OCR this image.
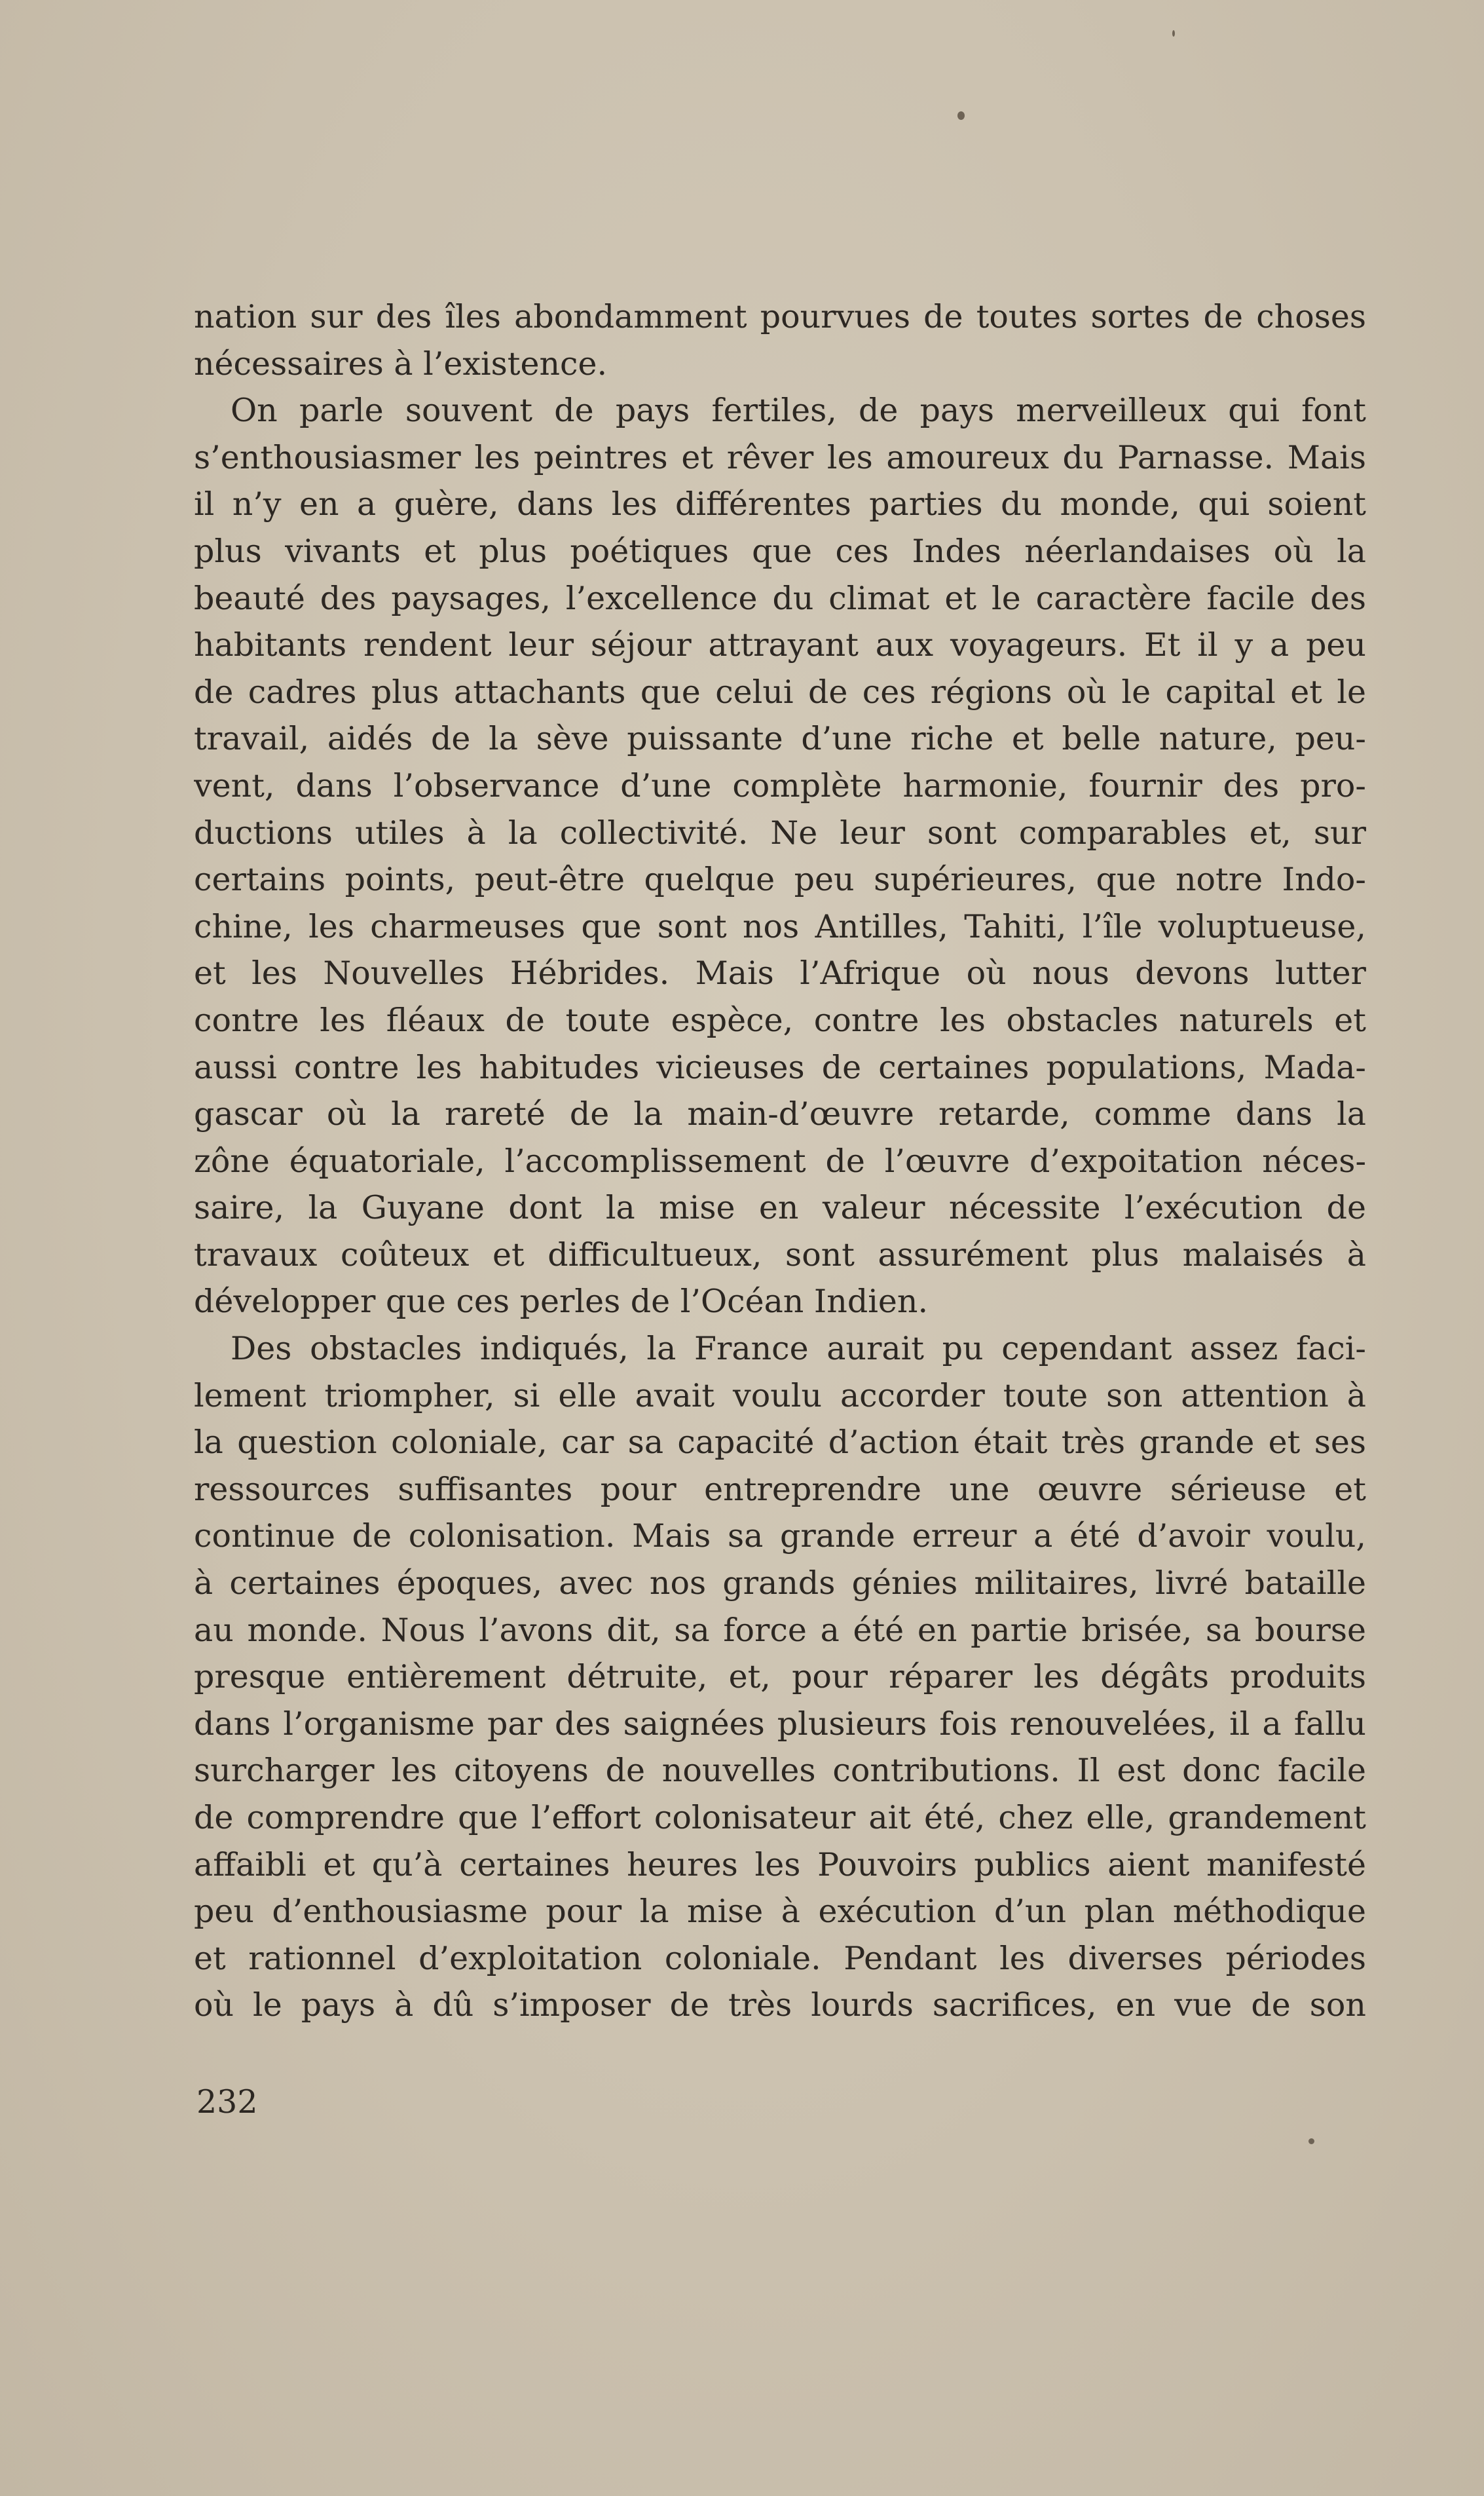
nation sur des îles abondamment pourvues de toutes sortes de choses
nécessaires à l’existence.
On parle souvent de pays fertiles, de pays merveilleux qui font
s’enthousiasmer les peintres et rêver les amoureux du Parnasse. Mais
il n’y en a guère, dans les différentes parties du monde, qui soient
plus vivants et plus poétiques que ces Indes néerlandaises où la
beauté des paysages, l’excellence du climat et le caractère facile des
habitants rendent leur séjour attrayant aux voyageurs. Et il y a peu
de cadres plus attachants que celui de ces régions où le capital et le
travail, aidés de la sève puissante d’une riche et belle nature, peu-
vent, dans l’observance d’une complète harmonie, fournir des pro-
ductions utiles à la collectivité. Ne leur sont comparables et, sur
certains points, peut-être quelque peu supérieures, que notre Indo-
chine, les charmeuses que sont nos Antilles, Tahiti, l’île voluptueuse,
et les Nouvelles Hébrides. Mais l’Afrique où nous devons lutter
contre les fléaux de toute espèce, contre les obstacles naturels et
aussi contre les habitudes vicieuses de certaines populations, Mada-
gascar où la rareté de la main-d’œuvre retarde, comme dans la
zône équatoriale, l’accomplissement de l’œuvre d’expoitation néces-
saire, la Guyane dont la mise en valeur nécessite l’exécution de
travaux coûteux et difficultueux, sont assurément plus malaisés à
développer que ces perles de l’Océan Indien.
Des obstacles indiqués, la France aurait pu cependant assez faci-
lement triompher, si elle avait voulu accorder toute son attention à
la question coloniale, car sa capacité d’action était très grande et ses
ressources suffisantes pour entreprendre une œuvre sérieuse et
continue de colonisation. Mais sa grande erreur a été d’avoir voulu,
à certaines époques, avec nos grands génies militaires, livré bataille
au monde. Nous l’avons dit, sa force a été en partie brisée, sa bourse
presque entièrement détruite, et, pour réparer les dégâts produits
dans l’organisme par des saignées plusieurs fois renouvelées, il a fallu
surcharger les citoyens de nouvelles contributions. Il est donc facile
de comprendre que l’effort colonisateur ait été, chez elle, grandement
affaibli et qu’à certaines heures les Pouvoirs publics aient manifesté
peu d’enthousiasme pour la mise à exécution d’un plan méthodique
et rationnel d’exploitation coloniale. Pendant les diverses périodes
où le pays à dû s’imposer de très lourds sacrifices, en vue de son
232
